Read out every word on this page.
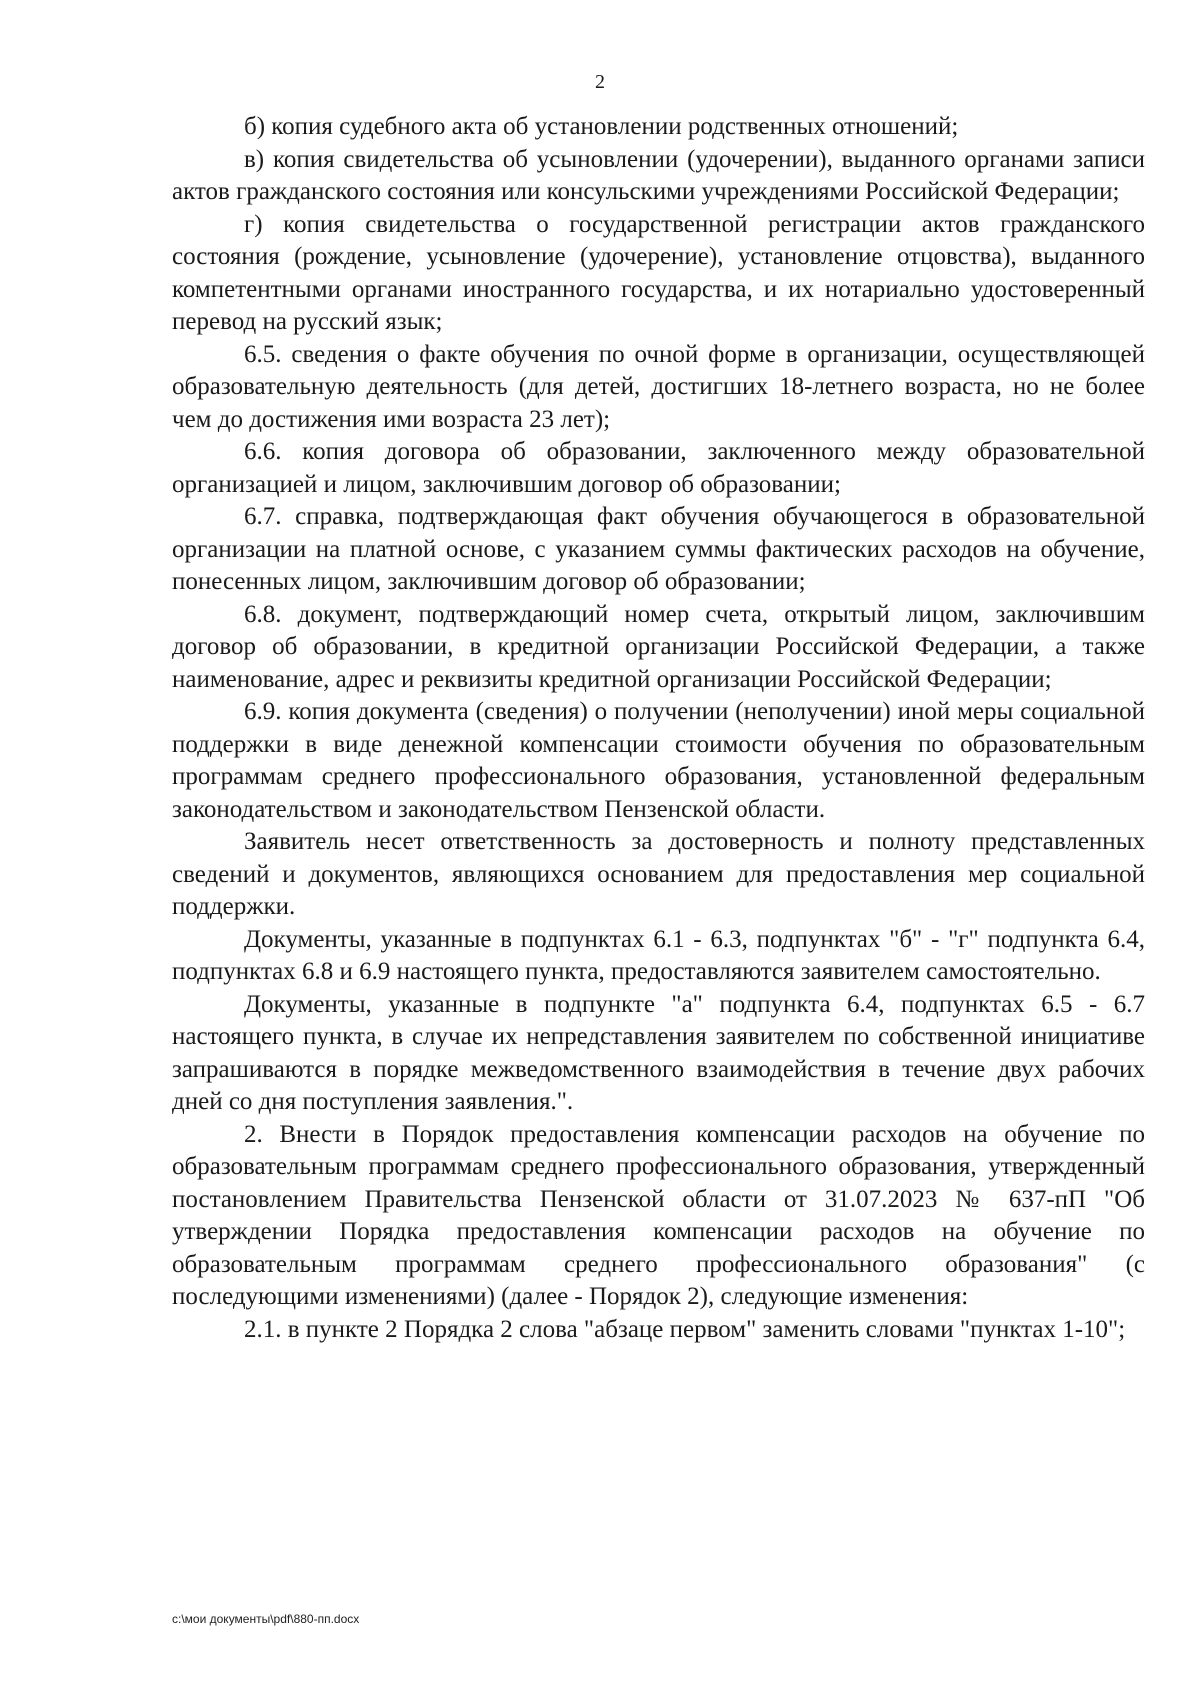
2

б) копия судебного акта об установлении родственных отношений;

в) копия свидетельства об усыновлении (удочерении), выданного органами записи актов гражданского состояния или консульскими учреждениями Российской Федерации;

г) копия свидетельства о государственной регистрации актов гражданского состояния (рождение, усыновление (удочерение), установление отцовства), выданного компетентными органами иностранного государства, и их нотариально удостоверенный перевод на русский язык;

6.5. сведения о факте обучения по очной форме в организации, осуществляющей образовательную деятельность (для детей, достигших 18-летнего возраста, но не более чем до достижения ими возраста 23 лет);

6.6. копия договора об образовании, заключенного между образовательной организацией и лицом, заключившим договор об образовании;

6.7. справка, подтверждающая факт обучения обучающегося в образовательной организации на платной основе, с указанием суммы фактических расходов на обучение, понесенных лицом, заключившим договор об образовании;

6.8. документ, подтверждающий номер счета, открытый лицом, заключившим договор об образовании, в кредитной организации Российской Федерации, а также наименование, адрес и реквизиты кредитной организации Российской Федерации;

6.9. копия документа (сведения) о получении (неполучении) иной меры социальной поддержки в виде денежной компенсации стоимости обучения по образовательным программам среднего профессионального образования, установленной федеральным законодательством и законодательством Пензенской области.

Заявитель несет ответственность за достоверность и полноту представленных сведений и документов, являющихся основанием для предоставления мер социальной поддержки.

Документы, указанные в подпунктах 6.1 - 6.3, подпунктах "б" - "г" подпункта 6.4, подпунктах 6.8 и 6.9 настоящего пункта, предоставляются заявителем самостоятельно.

Документы, указанные в подпункте "а" подпункта 6.4, подпунктах 6.5 - 6.7 настоящего пункта, в случае их непредставления заявителем по собственной инициативе запрашиваются в порядке межведомственного взаимодействия в течение двух рабочих дней со дня поступления заявления.".

2. Внести в Порядок предоставления компенсации расходов на обучение по образовательным программам среднего профессионального образования, утвержденный постановлением Правительства Пензенской области от 31.07.2023 № 637-пП "Об утверждении Порядка предоставления компенсации расходов на обучение по образовательным программам среднего профессионального образования" (с последующими изменениями) (далее - Порядок 2), следующие изменения:

2.1. в пункте 2 Порядка 2 слова "абзаце первом" заменить словами "пунктах 1-10";

c:\мои документы\pdf\880-пп.docx
